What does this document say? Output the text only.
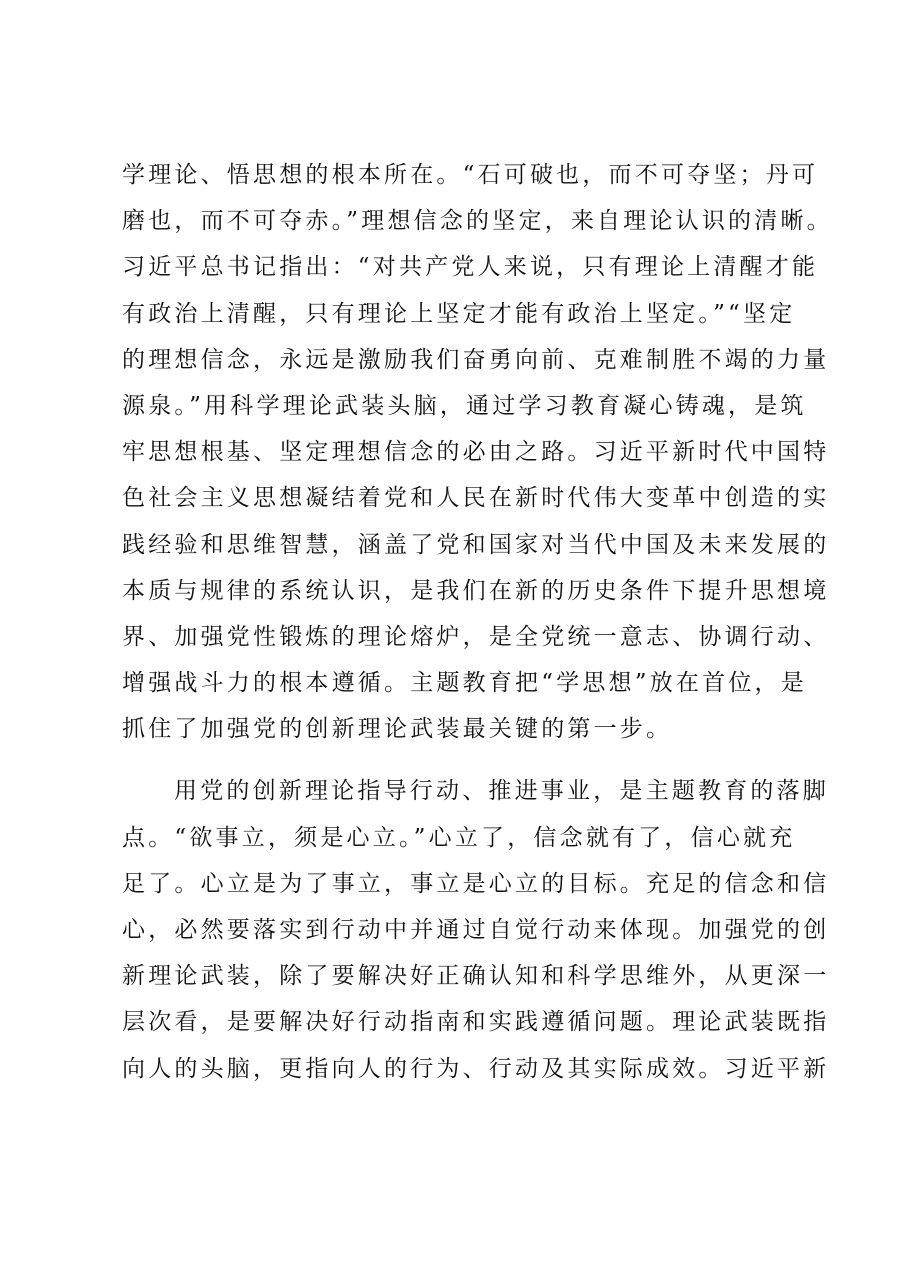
学理论、悟思想的根本所在。“石可破也，而不可夺坚；丹可
磨也，而不可夺赤。”理想信念的坚定，来自理论认识的清晰。
习近平总书记指出：“对共产党人来说，只有理论上清醒才能
有政治上清醒，只有理论上坚定才能有政治上坚定。”“坚定
的理想信念，永远是激励我们奋勇向前、克难制胜不竭的力量
源泉。”用科学理论武装头脑，通过学习教育凝心铸魂，是筑
牢思想根基、坚定理想信念的必由之路。习近平新时代中国特
色社会主义思想凝结着党和人民在新时代伟大变革中创造的实
践经验和思维智慧，涵盖了党和国家对当代中国及未来发展的
本质与规律的系统认识，是我们在新的历史条件下提升思想境
界、加强党性锻炼的理论熔炉，是全党统一意志、协调行动、
增强战斗力的根本遵循。主题教育把“学思想”放在首位，是
抓住了加强党的创新理论武装最关键的第一步。
用党的创新理论指导行动、推进事业，是主题教育的落脚
点。“欲事立，须是心立。”心立了，信念就有了，信心就充
足了。心立是为了事立，事立是心立的目标。充足的信念和信
心，必然要落实到行动中并通过自觉行动来体现。加强党的创
新理论武装，除了要解决好正确认知和科学思维外，从更深一
层次看，是要解决好行动指南和实践遵循问题。理论武装既指
向人的头脑，更指向人的行为、行动及其实际成效。习近平新
